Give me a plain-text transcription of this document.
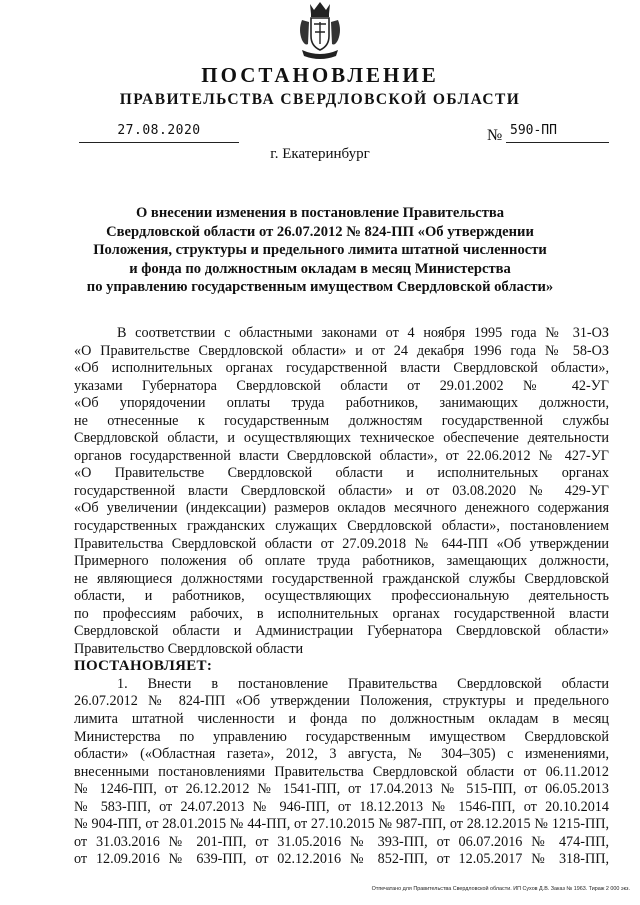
ПОСТАНОВЛЕНИЕ
ПРАВИТЕЛЬСТВА СВЕРДЛОВСКОЙ ОБЛАСТИ
27.08.2020	№ 590-ПП
г. Екатеринбург
О внесении изменения в постановление Правительства
Свердловской области от 26.07.2012 № 824-ПП «Об утверждении
Положения, структуры и предельного лимита штатной численности
и фонда по должностным окладам в месяц Министерства
по управлению государственным имуществом Свердловской области»
В соответствии с областными законами от 4 ноября 1995 года № 31-ОЗ
«О Правительстве Свердловской области» и от 24 декабря 1996 года № 58-ОЗ
«Об исполнительных органах государственной власти Свердловской области»,
указами Губернатора Свердловской области от 29.01.2002 № 42-УГ
«Об упорядочении оплаты труда работников, занимающих должности,
не отнесенные к государственным должностям государственной службы
Свердловской области, и осуществляющих техническое обеспечение деятельности
органов государственной власти Свердловской области», от 22.06.2012 № 427-УГ
«О Правительстве Свердловской области и исполнительных органах
государственной власти Свердловской области» и от 03.08.2020 № 429-УГ
«Об увеличении (индексации) размеров окладов месячного денежного содержания
государственных гражданских служащих Свердловской области», постановлением
Правительства Свердловской области от 27.09.2018 № 644-ПП «Об утверждении
Примерного положения об оплате труда работников, замещающих должности,
не являющиеся должностями государственной гражданской службы Свердловской
области, и работников, осуществляющих профессиональную деятельность
по профессиям рабочих, в исполнительных органах государственной власти
Свердловской области и Администрации Губернатора Свердловской области»
Правительство Свердловской области
ПОСТАНОВЛЯЕТ:
1. Внести в постановление Правительства Свердловской области
26.07.2012 № 824-ПП «Об утверждении Положения, структуры и предельного
лимита штатной численности и фонда по должностным окладам в месяц
Министерства по управлению государственным имуществом Свердловской
области» («Областная газета», 2012, 3 августа, № 304–305) с изменениями,
внесенными постановлениями Правительства Свердловской области от 06.11.2012
№ 1246-ПП, от 26.12.2012 № 1541-ПП, от 17.04.2013 № 515-ПП, от 06.05.2013
№ 583-ПП, от 24.07.2013 № 946-ПП, от 18.12.2013 № 1546-ПП, от 20.10.2014
№ 904-ПП, от 28.01.2015 № 44-ПП, от 27.10.2015 № 987-ПП, от 28.12.2015 № 1215-ПП,
от 31.03.2016 № 201-ПП, от 31.05.2016 № 393-ПП, от 06.07.2016 № 474-ПП,
от 12.09.2016 № 639-ПП, от 02.12.2016 № 852-ПП, от 12.05.2017 № 318-ПП,
Отпечатано для Правительства Свердловской области. ИП Сухов Д.В. Заказ № 1963. Тираж 2 000 экз.
